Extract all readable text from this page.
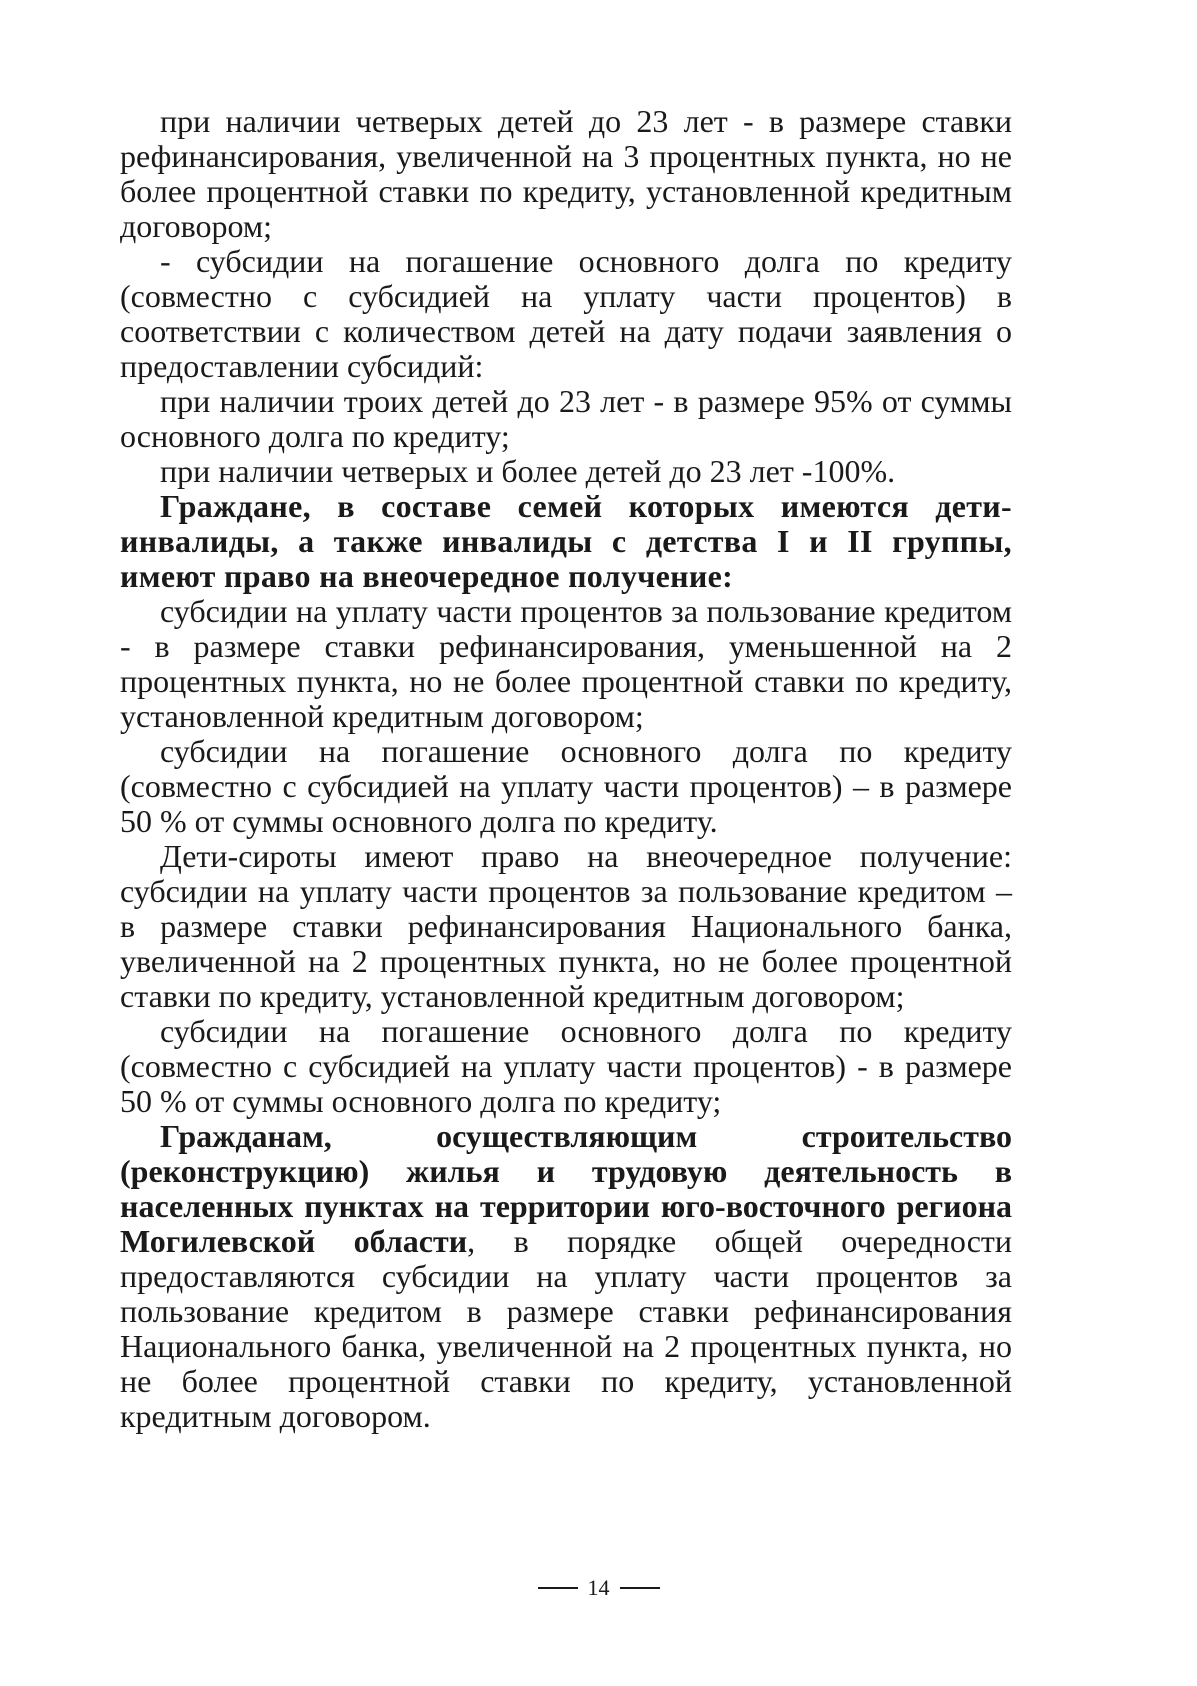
при наличии четверых детей до 23 лет - в размере ставки рефинансирования, увеличенной на 3 процентных пункта, но не более процентной ставки по кредиту, установленной кредитным договором;

- субсидии на погашение основного долга по кредиту (совместно с субсидией на уплату части процентов) в соответствии с количеством детей на дату подачи заявления о предоставлении субсидий:

при наличии троих детей до 23 лет - в размере 95% от суммы основного долга по кредиту;

при наличии четверых и более детей до 23 лет -100%.

Граждане, в составе семей которых имеются дети-инвалиды, а также инвалиды с детства I и II группы, имеют право на внеочередное получение:

субсидии на уплату части процентов за пользование кредитом - в размере ставки рефинансирования, уменьшенной на 2 процентных пункта, но не более процентной ставки по кредиту, установленной кредитным договором;

субсидии на погашение основного долга по кредиту (совместно с субсидией на уплату части процентов) – в размере 50 % от суммы основного долга по кредиту.

Дети-сироты имеют право на внеочередное получение: субсидии на уплату части процентов за пользование кредитом – в размере ставки рефинансирования Национального банка, увеличенной на 2 процентных пункта, но не более процентной ставки по кредиту, установленной кредитным договором;

субсидии на погашение основного долга по кредиту (совместно с субсидией на уплату части процентов) - в размере 50 % от суммы основного долга по кредиту;

Гражданам, осуществляющим строительство (реконструкцию) жилья и трудовую деятельность в населенных пунктах на территории юго-восточного региона Могилевской области, в порядке общей очередности предоставляются субсидии на уплату части процентов за пользование кредитом в размере ставки рефинансирования Национального банка, увеличенной на 2 процентных пункта, но не более процентной ставки по кредиту, установленной кредитным договором.

14
